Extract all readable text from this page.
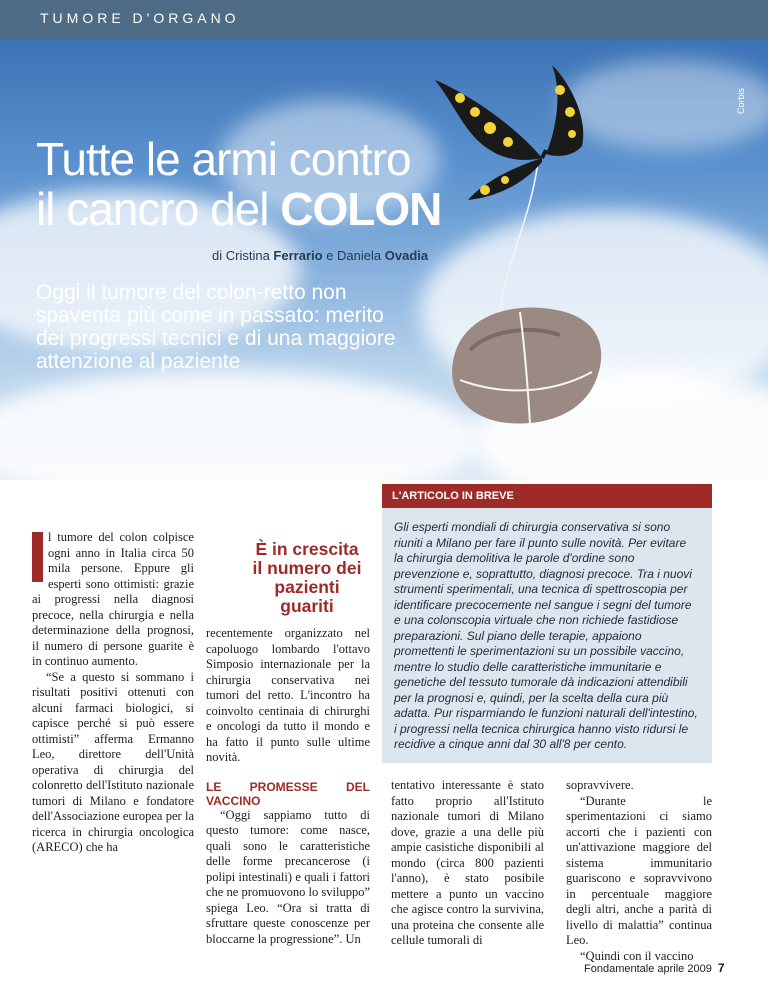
TUMORE D'ORGANO
Corbis
Tutte le armi contro
il cancro del COLON
di Cristina Ferrario e Daniela Ovadia
Oggi il tumore del colon-retto non spaventa più come in passato: merito dei progressi tecnici e di una maggiore attenzione al paziente
L'ARTICOLO IN BREVE
Gli esperti mondiali di chirurgia conservativa si sono riuniti a Milano per fare il punto sulle novità. Per evitare la chirurgia demolitiva le parole d'ordine sono prevenzione e, soprattutto, diagnosi precoce. Tra i nuovi strumenti sperimentali, una tecnica di spettroscopia per identificare precocemente nel sangue i segni del tumore e una colonscopia virtuale che non richiede fastidiose preparazioni. Sul piano delle terapie, appaiono promettenti le sperimentazioni su un possibile vaccino, mentre lo studio delle caratteristiche immunitarie e genetiche del tessuto tumorale dà indicazioni attendibili per la prognosi e, quindi, per la scelta della cura più adatta. Pur risparmiando le funzioni naturali dell'intestino, i progressi nella tecnica chirurgica hanno visto ridursi le recidive a cinque anni dal 30 all'8 per cento.

l tumore del colon colpisce ogni anno in Italia circa 50 mila persone. Eppure gli esperti sono ottimisti: grazie ai progressi nella diagnosi precoce, nella chirurgia e nella determinazione della prognosi, il numero di persone guarite è in continuo aumento.

“Se a questo si sommano i risultati positivi ottenuti con alcuni farmaci biologici, si capisce perché si può essere ottimisti” afferma Ermanno Leo, direttore dell'Unità operativa di chirurgia del colonretto dell'Istituto nazionale tumori di Milano e fondatore dell'Associazione europea per la ricerca in chirurgia oncologica (ARECO) che ha

È in crescita il numero dei pazienti guariti
recentemente organizzato nel capoluogo lombardo l'ottavo Simposio internazionale per la chirurgia conservativa nei tumori del retto. L'incontro ha coinvolto centinaia di chirurghi e oncologi da tutto il mondo e ha fatto il punto sulle ultime novità.

LE PROMESSE DEL VACCINO

“Oggi sappiamo tutto di questo tumore: come nasce, quali sono le caratteristiche delle forme precancerose (i polipi intestinali) e quali i fattori che ne promuovono lo sviluppo” spiega Leo. “Ora si tratta di sfruttare queste conoscenze per bloccarne la progressione”. Un

tentativo interessante è stato fatto proprio all'Istituto nazionale tumori di Milano dove, grazie a una delle più ampie casistiche disponibili al mondo (circa 800 pazienti l'anno), è stato posibile mettere a punto un vaccino che agisce contro la survivina, una proteina che consente alle cellule tumorali di

sopravvivere.

“Durante le sperimentazioni ci siamo accorti che i pazienti con un'attivazione maggiore del sistema immunitario guariscono e sopravvivono in percentuale maggiore degli altri, anche a parità di livello di malattia” continua Leo.

“Quindi con il vaccino

Fondamentale aprile 2009 7
